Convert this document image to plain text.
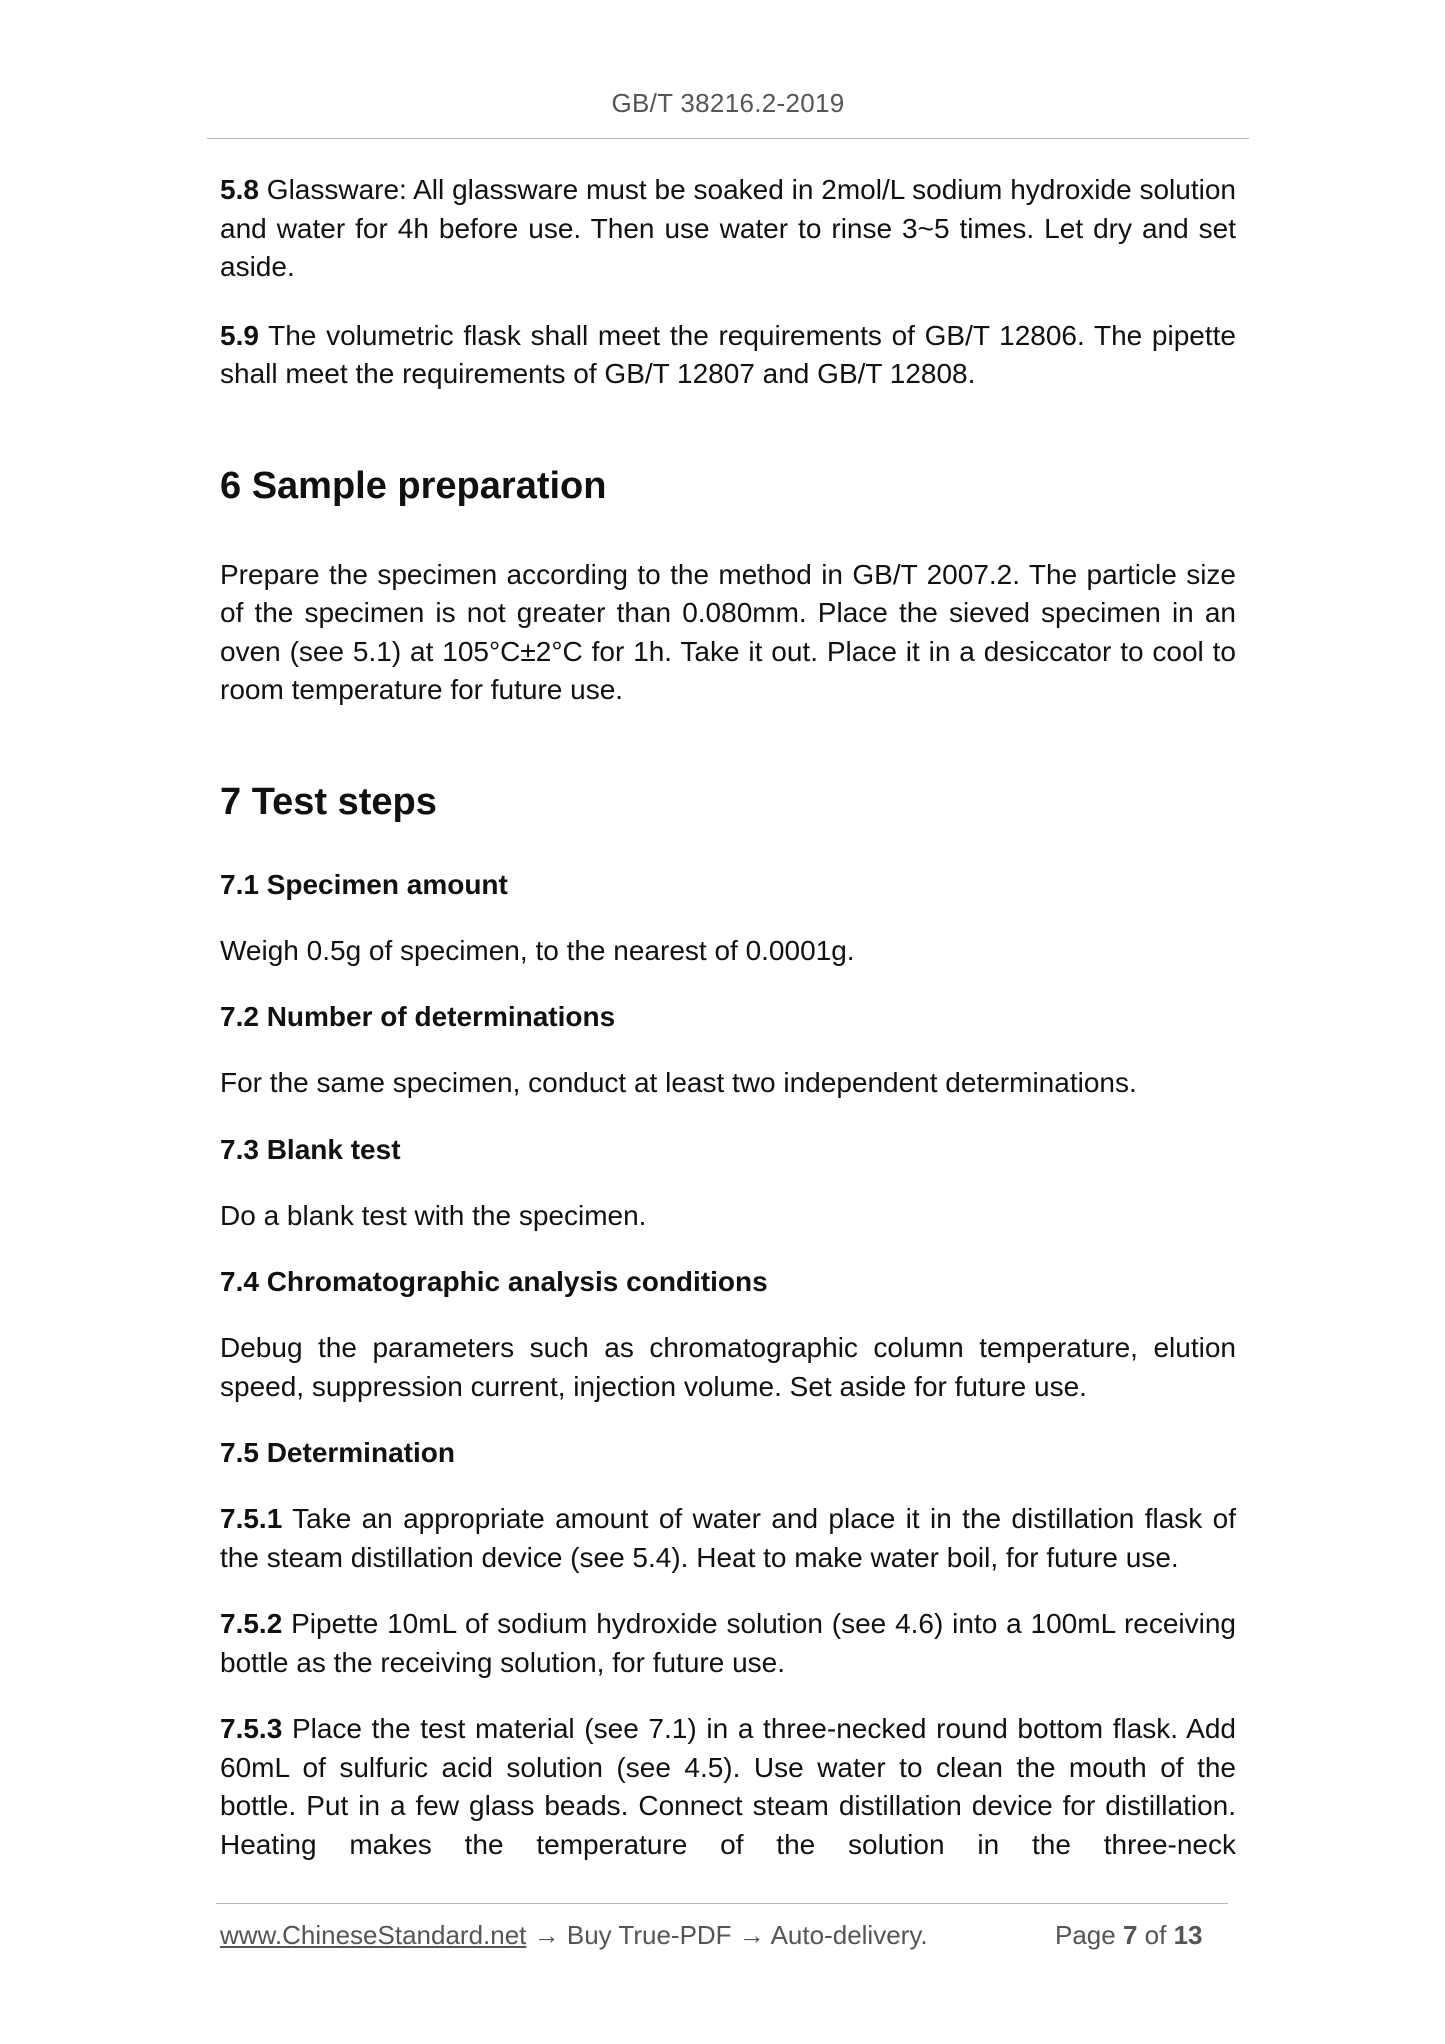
GB/T 38216.2-2019

5.8 Glassware: All glassware must be soaked in 2mol/L sodium hydroxide solution and water for 4h before use. Then use water to rinse 3~5 times. Let dry and set aside.

5.9 The volumetric flask shall meet the requirements of GB/T 12806. The pipette shall meet the requirements of GB/T 12807 and GB/T 12808.

6 Sample preparation

Prepare the specimen according to the method in GB/T 2007.2. The particle size of the specimen is not greater than 0.080mm. Place the sieved specimen in an oven (see 5.1) at 105°C±2°C for 1h. Take it out. Place it in a desiccator to cool to room temperature for future use.

7 Test steps
7.1 Specimen amount

Weigh 0.5g of specimen, to the nearest of 0.0001g.

7.2 Number of determinations

For the same specimen, conduct at least two independent determinations.

7.3 Blank test

Do a blank test with the specimen.

7.4 Chromatographic analysis conditions

Debug the parameters such as chromatographic column temperature, elution speed, suppression current, injection volume. Set aside for future use.

7.5 Determination

7.5.1 Take an appropriate amount of water and place it in the distillation flask of the steam distillation device (see 5.4). Heat to make water boil, for future use.

7.5.2 Pipette 10mL of sodium hydroxide solution (see 4.6) into a 100mL receiving bottle as the receiving solution, for future use.

7.5.3 Place the test material (see 7.1) in a three-necked round bottom flask. Add 60mL of sulfuric acid solution (see 4.5). Use water to clean the mouth of the bottle. Put in a few glass beads. Connect steam distillation device for distillation. Heating makes the temperature of the solution in the three-neck

www.ChineseStandard.net → Buy True-PDF → Auto-delivery.	Page 7 of 13
